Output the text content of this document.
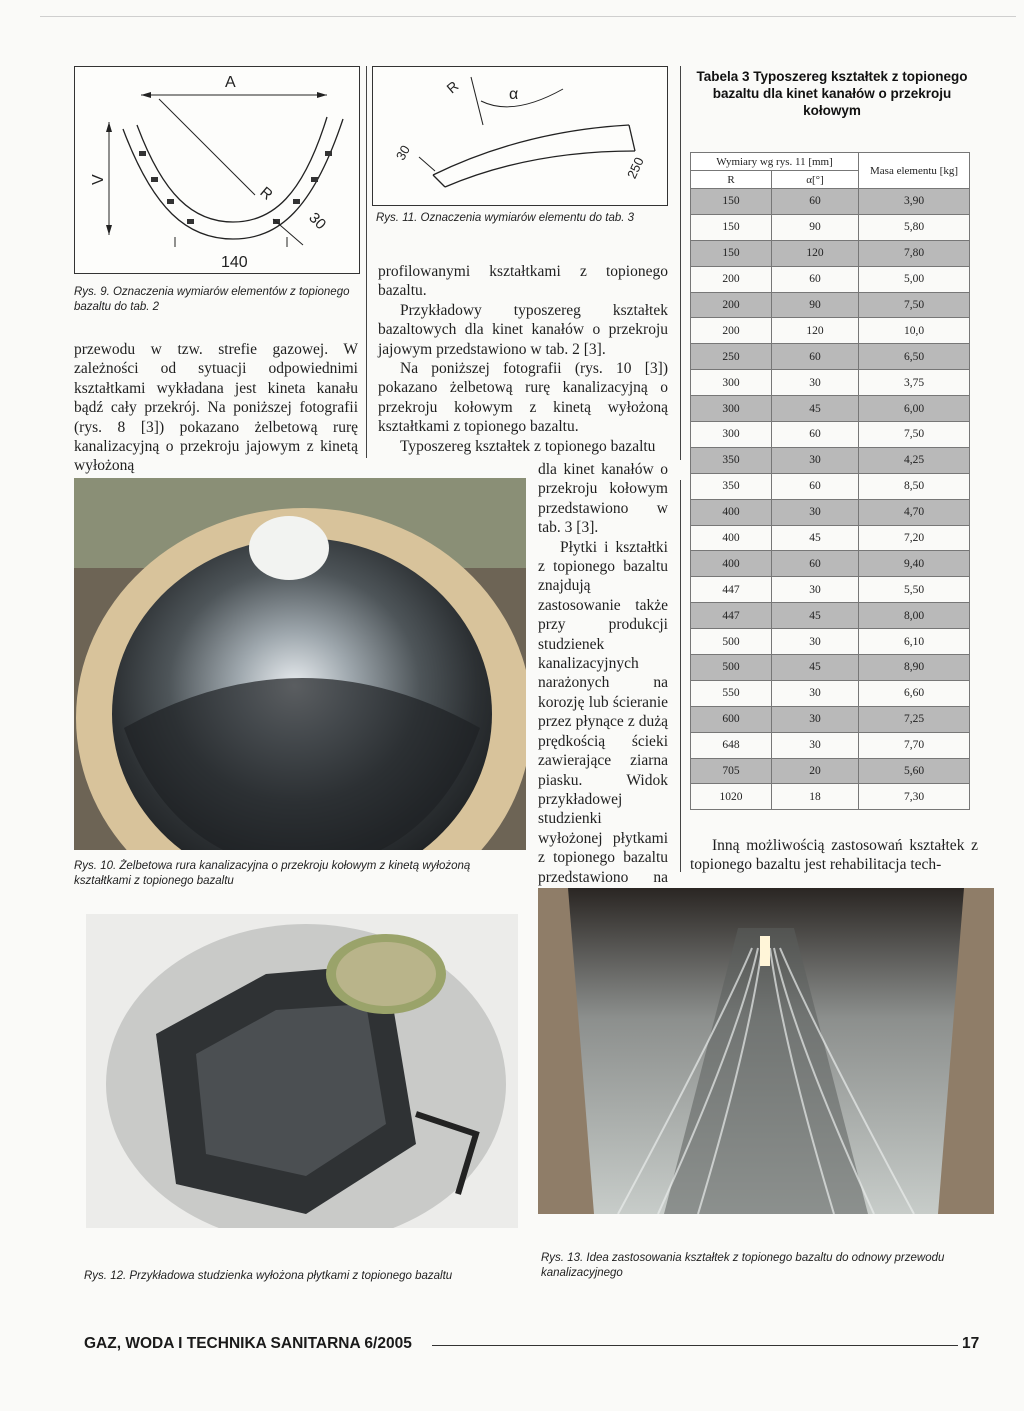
A
V
R
30
140
Rys. 9. Oznaczenia wymiarów elementów z topionego bazaltu do tab. 2
R	α
30
250
Rys. 11. Oznaczenia wymiarów elementu do tab. 3

przewodu w tzw. strefie gazowej. W zależności od sytuacji odpowiednimi kształtkami wykładana jest kineta kanału bądź cały przekrój. Na poniższej fotografii (rys. 8 [3]) pokazano żelbetową rurę kanalizacyjną o przekroju jajowym z kinetą wyłożoną

profilowanymi kształtkami z topionego bazaltu.

Przykładowy typoszereg kształtek bazaltowych dla kinet kanałów o przekroju jajowym przedstawiono w tab. 2 [3].

Na poniższej fotografii (rys. 10 [3]) pokazano żelbetową rurę kanalizacyjną o przekroju kołowym z kinetą wyłożoną kształtkami z topionego bazaltu.

Typoszereg kształtek z topionego bazaltu

dla kinet kanałów o przekroju kołowym przedstawiono w tab. 3 [3].

Płytki i kształtki z topionego bazaltu znajdują zastosowanie także przy produkcji studzienek kanalizacyjnych narażonych na korozję lub ścieranie przez płynące z dużą prędkością ścieki zawierające ziarna piasku. Widok przykładowej studzienki wyłożonej płytkami z topionego bazaltu przedstawiono na

Rys. 10. Żelbetowa rura kanalizacyjna o przekroju kołowym z kinetą wyłożoną kształtkami z topionego bazaltu
Tabela 3 Typoszereg kształtek z topionego bazaltu dla kinet kanałów o przekroju kołowym
Wymiary wg rys. 11 [mm]		Masa elementu [kg]
R	α[°]	
150	60	3,90
150	90	5,80
150	120	7,80
200	60	5,00
200	90	7,50
200	120	10,0
250	60	6,50
300	30	3,75
300	45	6,00
300	60	7,50
350	30	4,25
350	60	8,50
400	30	4,70
400	45	7,20
400	60	9,40
447	30	5,50
447	45	8,00
500	30	6,10
500	45	8,90
550	30	6,60
600	30	7,25
648	30	7,70
705	20	5,60
1020	18	7,30

Inną możliwością zastosowań kształtek z topionego bazaltu jest rehabilitacja tech-

Rys. 12. Przykładowa studzienka wyłożona płytkami z topionego bazaltu
Rys. 13. Idea zastosowania kształtek z topionego bazaltu do odnowy przewodu kanalizacyjnego
GAZ, WODA I TECHNIKA SANITARNA 6/2005	17
